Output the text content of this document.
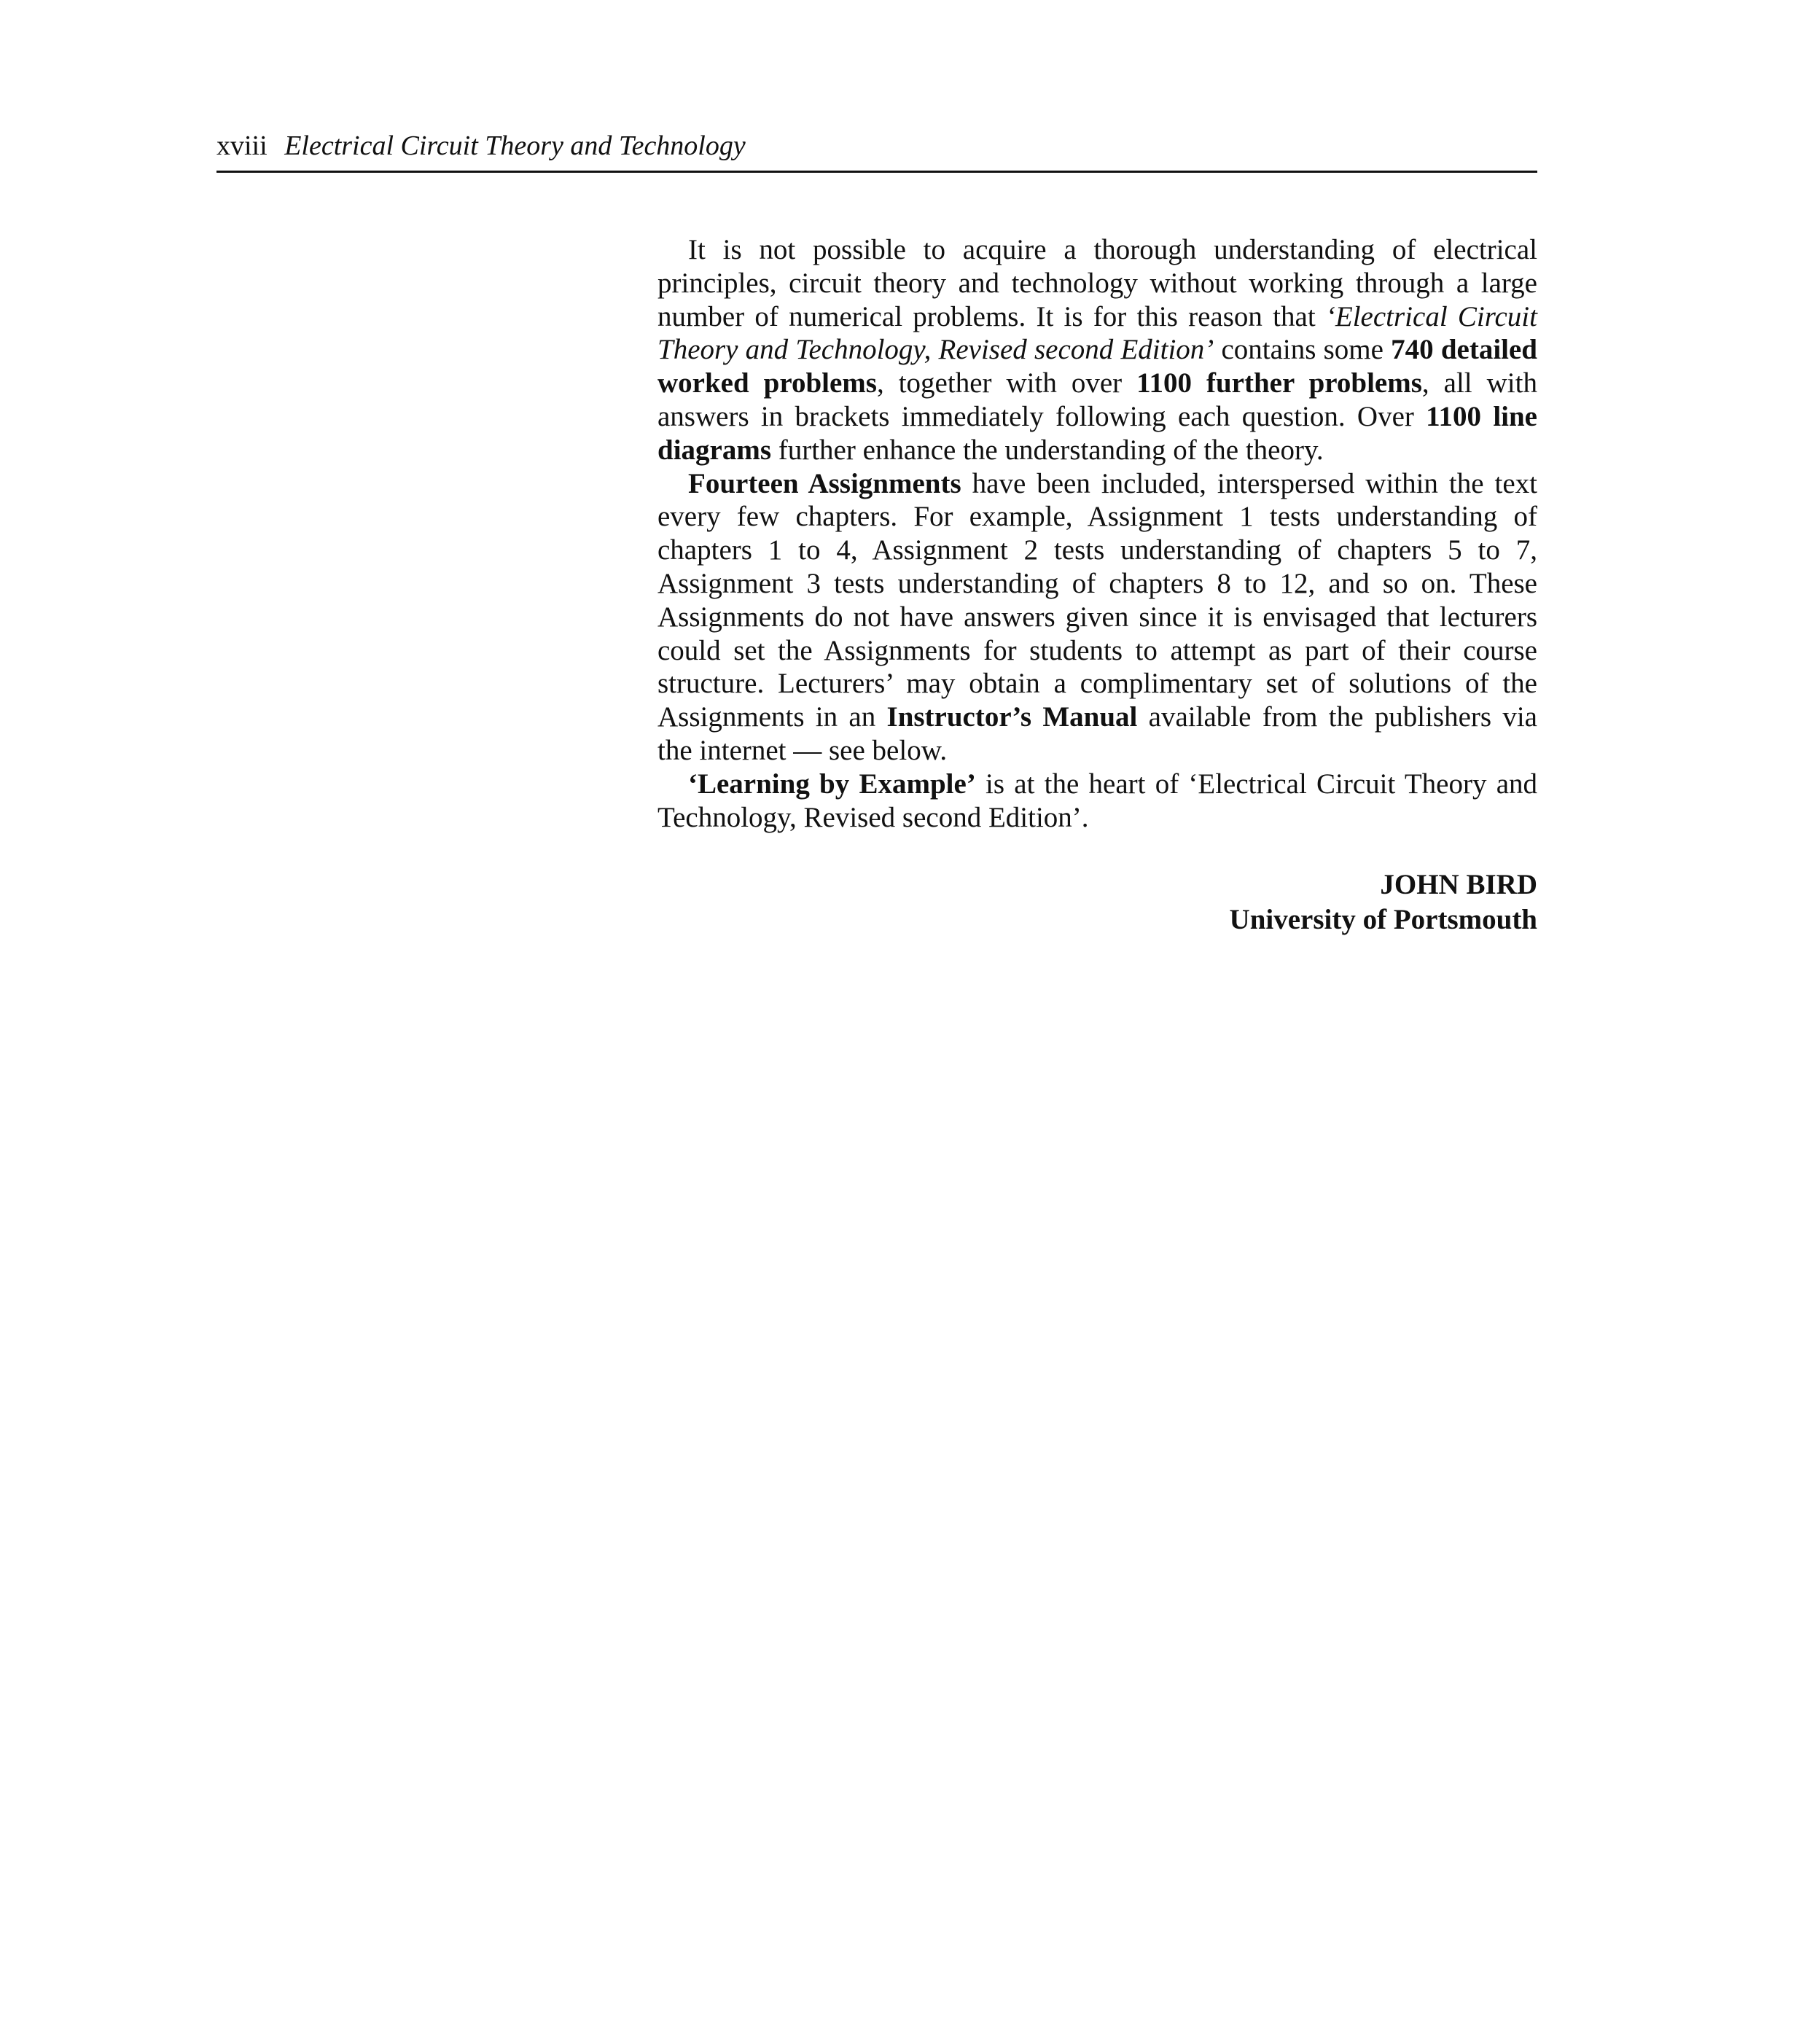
xviii Electrical Circuit Theory and Technology

It is not possible to acquire a thorough understanding of electrical principles, circuit theory and technology without working through a large number of numerical problems. It is for this reason that ‘Electrical Circuit Theory and Technology, Revised second Edition’ contains some 740 detailed worked problems, together with over 1100 further problems, all with answers in brackets immediately following each question. Over 1100 line diagrams further enhance the understanding of the theory.

Fourteen Assignments have been included, interspersed within the text every few chapters. For example, Assignment 1 tests understanding of chapters 1 to 4, Assignment 2 tests understanding of chapters 5 to 7, Assignment 3 tests understanding of chapters 8 to 12, and so on. These Assignments do not have answers given since it is envisaged that lecturers could set the Assignments for students to attempt as part of their course structure. Lecturers’ may obtain a complimentary set of solutions of the Assignments in an Instructor’s Manual available from the publishers via the internet — see below.

‘Learning by Example’ is at the heart of ‘Electrical Circuit Theory and Technology, Revised second Edition’.

JOHN BIRD
University of Portsmouth
